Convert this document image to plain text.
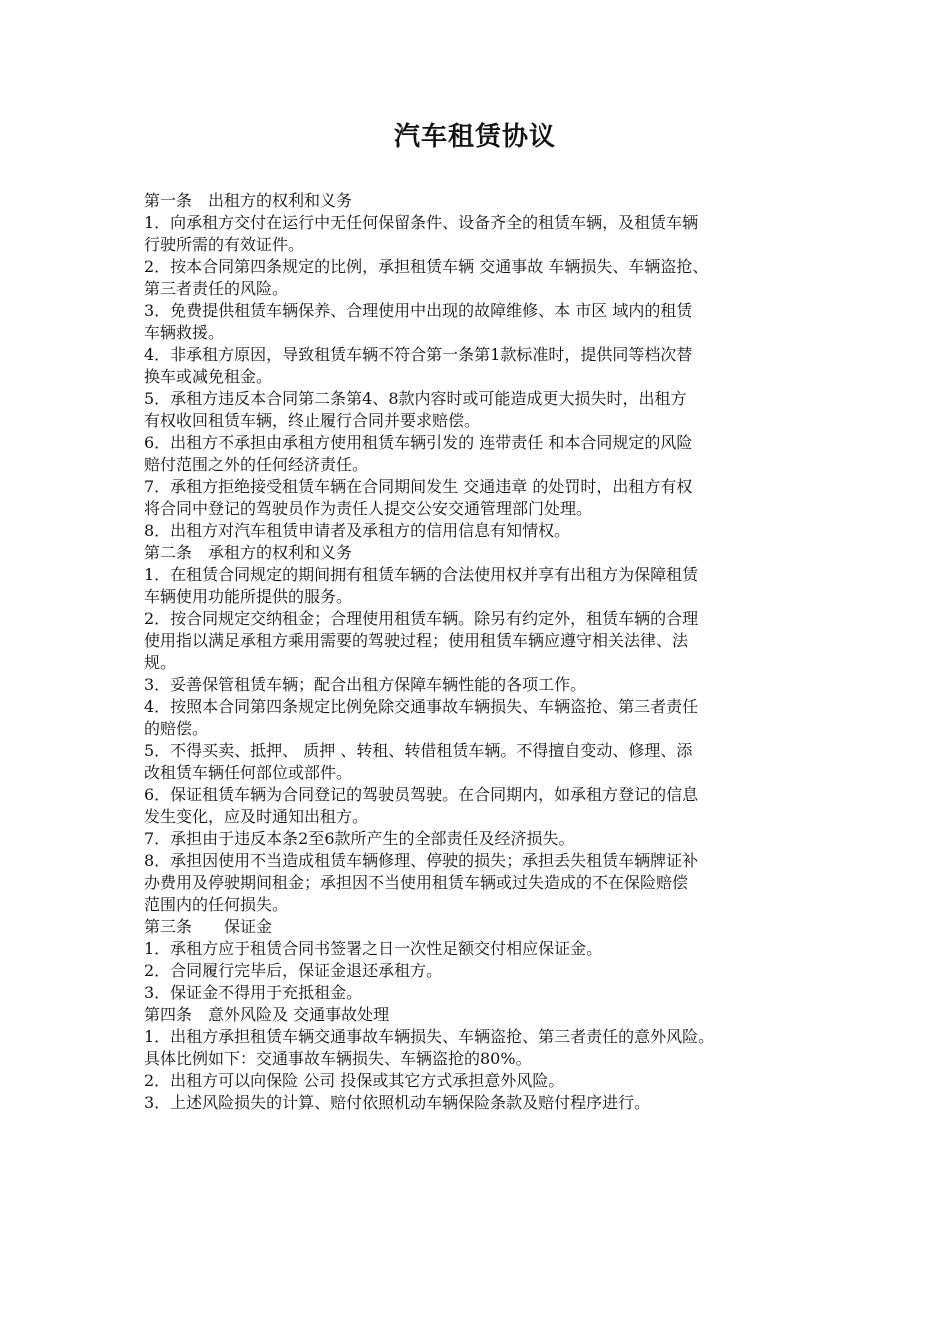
汽车租赁协议
第一条　出租方的权利和义务
1．向承租方交付在运行中无任何保留条件、设备齐全的租赁车辆，及租赁车辆
行驶所需的有效证件。
2．按本合同第四条规定的比例，承担租赁车辆 交通事故 车辆损失、车辆盗抢、
第三者责任的风险。
3．免费提供租赁车辆保养、合理使用中出现的故障维修、本 市区 域内的租赁
车辆救援。
4．非承租方原因，导致租赁车辆不符合第一条第1款标准时，提供同等档次替
换车或减免租金。
5．承租方违反本合同第二条第4、8款内容时或可能造成更大损失时，出租方
有权收回租赁车辆，终止履行合同并要求赔偿。
6．出租方不承担由承租方使用租赁车辆引发的 连带责任 和本合同规定的风险
赔付范围之外的任何经济责任。
7．承租方拒绝接受租赁车辆在合同期间发生 交通违章 的处罚时，出租方有权
将合同中登记的驾驶员作为责任人提交公安交通管理部门处理。
8．出租方对汽车租赁申请者及承租方的信用信息有知情权。
第二条　承租方的权利和义务
1．在租赁合同规定的期间拥有租赁车辆的合法使用权并享有出租方为保障租赁
车辆使用功能所提供的服务。
2．按合同规定交纳租金；合理使用租赁车辆。除另有约定外，租赁车辆的合理
使用指以满足承租方乘用需要的驾驶过程；使用租赁车辆应遵守相关法律、法
规。
3．妥善保管租赁车辆；配合出租方保障车辆性能的各项工作。
4．按照本合同第四条规定比例免除交通事故车辆损失、车辆盗抢、第三者责任
的赔偿。
5．不得买卖、抵押、 质押 、转租、转借租赁车辆。不得擅自变动、修理、添
改租赁车辆任何部位或部件。
6．保证租赁车辆为合同登记的驾驶员驾驶。在合同期内，如承租方登记的信息
发生变化，应及时通知出租方。
7．承担由于违反本条2至6款所产生的全部责任及经济损失。
8．承担因使用不当造成租赁车辆修理、停驶的损失；承担丢失租赁车辆牌证补
办费用及停驶期间租金；承担因不当使用租赁车辆或过失造成的不在保险赔偿
范围内的任何损失。
第三条　　保证金
1．承租方应于租赁合同书签署之日一次性足额交付相应保证金。
2．合同履行完毕后，保证金退还承租方。
3．保证金不得用于充抵租金。
第四条　意外风险及 交通事故处理
1．出租方承担租赁车辆交通事故车辆损失、车辆盗抢、第三者责任的意外风险。
具体比例如下：交通事故车辆损失、车辆盗抢的80%。
2．出租方可以向保险 公司 投保或其它方式承担意外风险。
3．上述风险损失的计算、赔付依照机动车辆保险条款及赔付程序进行。
